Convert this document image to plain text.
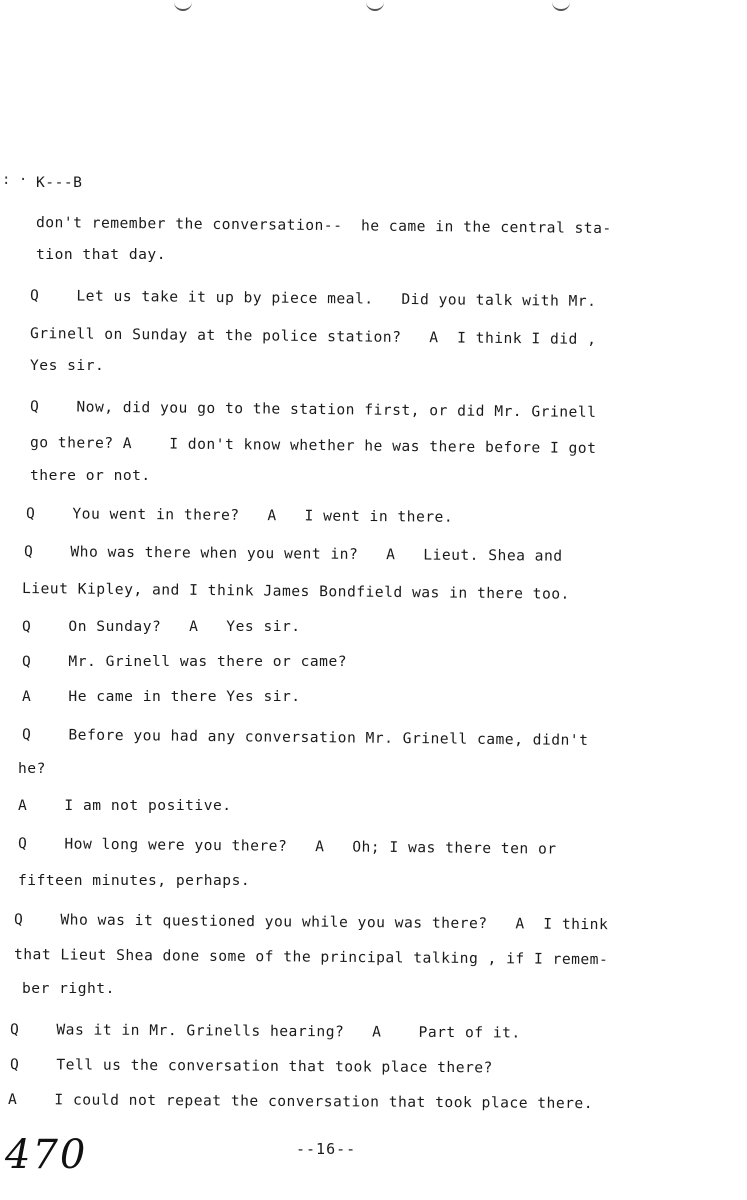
: · K---B
don't remember the conversation--  he came in the central sta-
tion that day.
Q    Let us take it up by piece meal.   Did you talk with Mr.
Grinell on Sunday at the police station?   A  I think I did ,
Yes sir.
Q    Now, did you go to the station first, or did Mr. Grinell
go there? A    I don't know whether he was there before I got
there or not.
Q    You went in there?   A   I went in there.
Q    Who was there when you went in?   A   Lieut. Shea and
Lieut Kipley, and I think James Bondfield was in there too.
Q    On Sunday?   A   Yes sir.
Q    Mr. Grinell was there or came?
A    He came in there Yes sir.
Q    Before you had any conversation Mr. Grinell came, didn't
he?
A    I am not positive.
Q    How long were you there?   A   Oh; I was there ten or
fifteen minutes, perhaps.
Q    Who was it questioned you while you was there?   A  I think
that Lieut Shea done some of the principal talking , if I remem-
ber right.
Q    Was it in Mr. Grinells hearing?   A    Part of it.
Q    Tell us the conversation that took place there?
A    I could not repeat the conversation that took place there.
470	--16--
